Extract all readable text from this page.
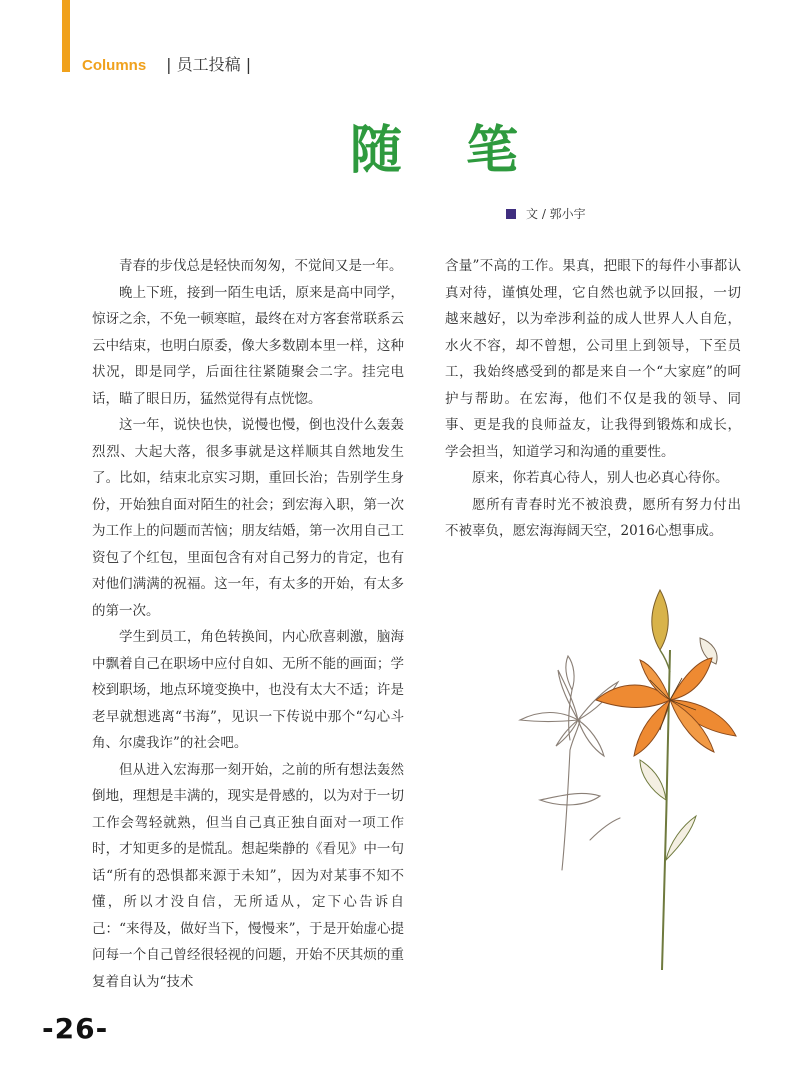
Columns | 员工投稿 |
随笔
文 / 郭小宇

青春的步伐总是轻快而匆匆，不觉间又是一年。

晚上下班，接到一陌生电话，原来是高中同学，惊讶之余，不免一顿寒暄，最终在对方客套常联系云云中结束，也明白原委，像大多数剧本里一样，这种状况，即是同学，后面往往紧随聚会二字。挂完电话，瞄了眼日历，猛然觉得有点恍惚。

这一年，说快也快，说慢也慢，倒也没什么轰轰烈烈、大起大落，很多事就是这样顺其自然地发生了。比如，结束北京实习期，重回长治；告别学生身份，开始独自面对陌生的社会；到宏海入职，第一次为工作上的问题而苦恼；朋友结婚，第一次用自己工资包了个红包，里面包含有对自己努力的肯定，也有对他们满满的祝福。这一年，有太多的开始，有太多的第一次。

学生到员工，角色转换间，内心欣喜刺激，脑海中飘着自己在职场中应付自如、无所不能的画面；学校到职场，地点环境变换中，也没有太大不适；许是老早就想逃离“书海”，见识一下传说中那个“勾心斗角、尔虞我诈”的社会吧。

但从进入宏海那一刻开始，之前的所有想法轰然倒地，理想是丰满的，现实是骨感的，以为对于一切工作会驾轻就熟，但当自己真正独自面对一项工作时，才知更多的是慌乱。想起柴静的《看见》中一句话“所有的恐惧都来源于未知”，因为对某事不知不懂，所以才没自信，无所适从，定下心告诉自己：“来得及，做好当下，慢慢来”，于是开始虚心提问每一个自己曾经很轻视的问题，开始不厌其烦的重复着自认为“技术

含量”不高的工作。果真，把眼下的每件小事都认真对待，谨慎处理，它自然也就予以回报，一切越来越好，以为牵涉利益的成人世界人人自危，水火不容，却不曾想，公司里上到领导，下至员工，我始终感受到的都是来自一个“大家庭”的呵护与帮助。在宏海，他们不仅是我的领导、同事、更是我的良师益友，让我得到锻炼和成长，学会担当，知道学习和沟通的重要性。

原来，你若真心待人，别人也必真心待你。

愿所有青春时光不被浪费，愿所有努力付出不被辜负，愿宏海海阔天空，2016心想事成。

-26-
